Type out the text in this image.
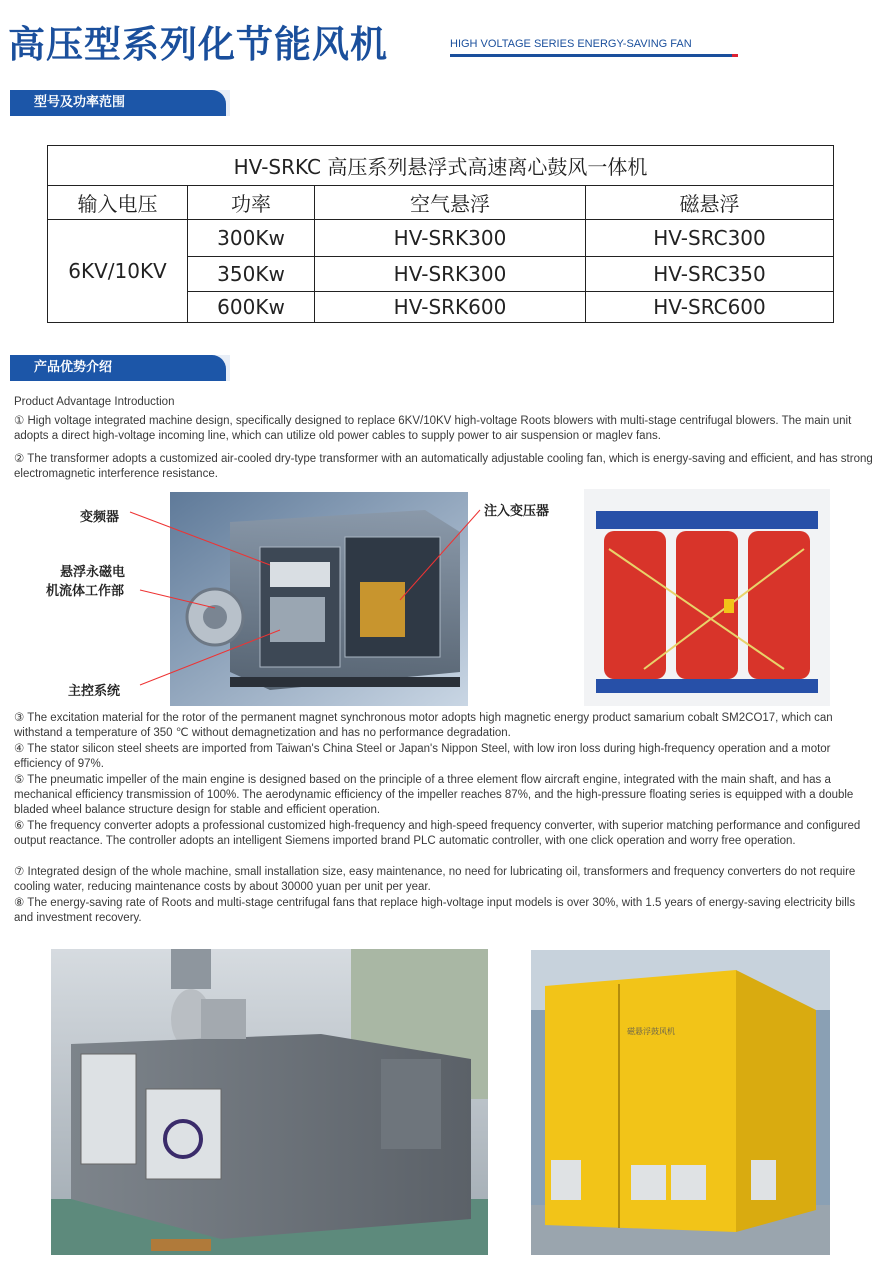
高压型系列化节能风机	HIGH VOLTAGE SERIES ENERGY-SAVING FAN
型号及功率范围
HV-SRKC 高压系列悬浮式高速离心鼓风一体机			
输入电压	功率	空气悬浮	磁悬浮
6KV/10KV	300Kw	HV-SRK300	HV-SRC300
	350Kw	HV-SRK300	HV-SRC350
	600Kw	HV-SRK600	HV-SRC600
产品优势介绍
Product Advantage Introduction
① High voltage integrated machine design, specifically designed to replace 6KV/10KV high-voltage Roots blowers with multi-stage centrifugal blowers. The main unit adopts a direct high-voltage incoming line, which can utilize old power cables to supply power to air suspension or maglev fans.
② The transformer adopts a customized air-cooled dry-type transformer with an automatically adjustable cooling fan, which is energy-saving and efficient, and has strong electromagnetic interference resistance.
变频器	注入变压器
悬浮永磁电
机流体工作部
主控系统
③ The excitation material for the rotor of the permanent magnet synchronous motor adopts high magnetic energy product samarium cobalt SM2CO17, which can withstand a temperature of 350 ℃ without demagnetization and has no performance degradation.
④ The stator silicon steel sheets are imported from Taiwan's China Steel or Japan's Nippon Steel, with low iron loss during high-frequency operation and a motor efficiency of 97%.
⑤ The pneumatic impeller of the main engine is designed based on the principle of a three element flow aircraft engine, integrated with the main shaft, and has a mechanical efficiency transmission of 100%. The aerodynamic efficiency of the impeller reaches 87%, and the high-pressure floating series is equipped with a double bladed wheel balance structure design for stable and efficient operation.
⑥ The frequency converter adopts a professional customized high-frequency and high-speed frequency converter, with superior matching performance and configured output reactance. The controller adopts an intelligent Siemens imported brand PLC automatic controller, with one click operation and worry free operation.
⑦ Integrated design of the whole machine, small installation size, easy maintenance, no need for lubricating oil, transformers and frequency converters do not require cooling water, reducing maintenance costs by about 30000 yuan per unit per year.
⑧ The energy-saving rate of Roots and multi-stage centrifugal fans that replace high-voltage input models is over 30%, with 1.5 years of energy-saving electricity bills and investment recovery.
磁悬浮鼓风机
